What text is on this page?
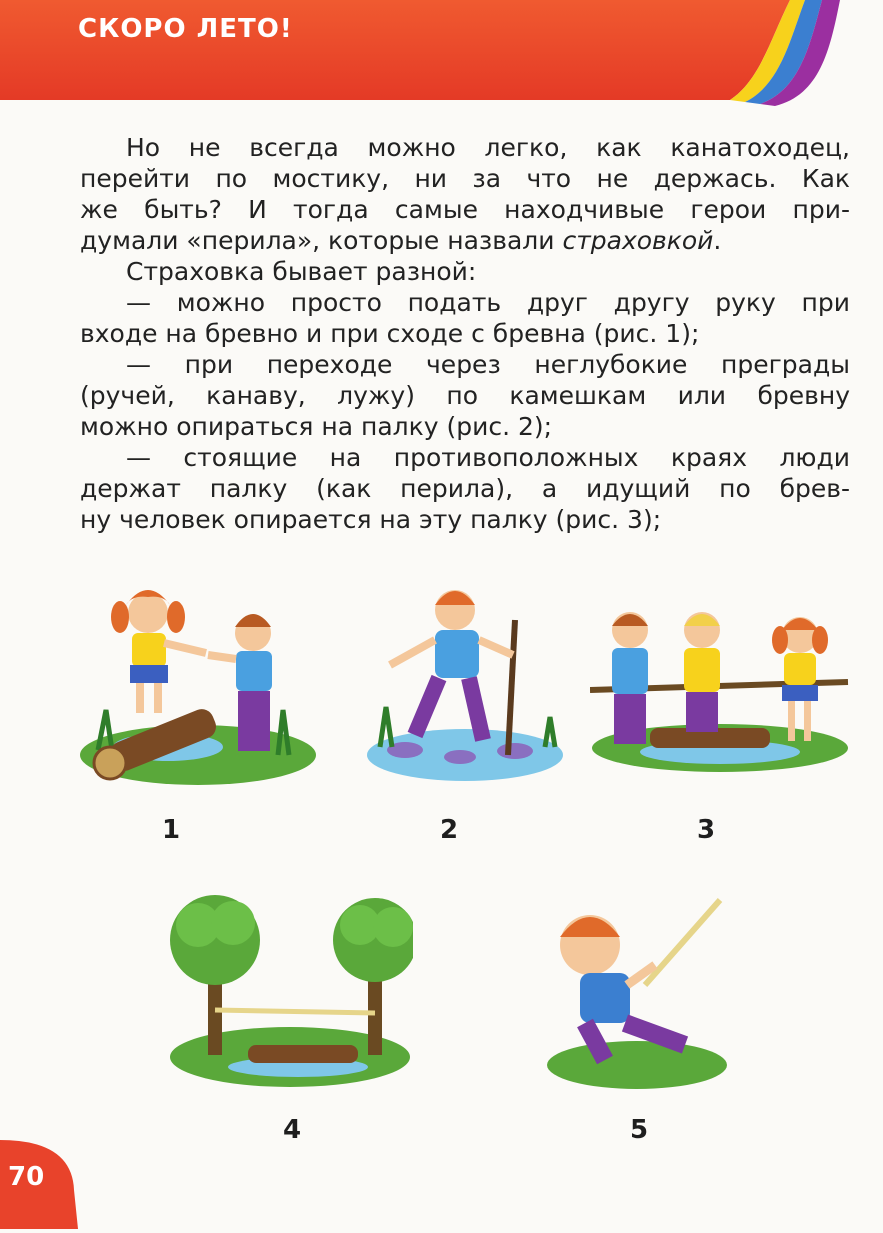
СКОРО ЛЕТО!

Но не всегда можно легко, как канатоходец,

перейти по мостику, ни за что не держась. Как

же быть? И тогда самые находчивые герои при-

думали «перила», которые назвали страховкой.

Страховка бывает разной:

— можно просто подать друг другу руку при

входе на бревно и при сходе с бревна (рис. 1);

— при переходе через неглубокие преграды

(ручей, канаву, лужу) по камешкам или бревну

можно опираться на палку (рис. 2);

— стоящие на противоположных краях люди

держат палку (как перила), а идущий по брев-

ну человек опирается на эту палку (рис. 3);

1	2	3
4	5
70
